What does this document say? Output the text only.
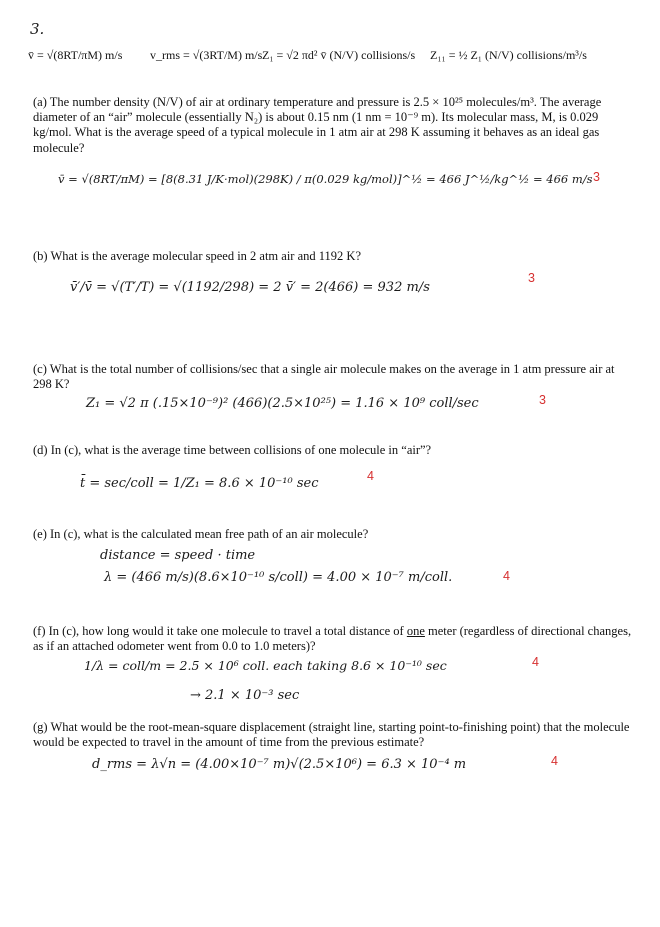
3.
v̄ = √(8RT/πM) m/s v_rms = √(3RT/M) m/s Z₁ = √2 πd² v̄ (N/V) collisions/s Z₁₁ = ½ Z₁ (N/V) collisions/m³/s
(a) The number density (N/V) of air at ordinary temperature and pressure is 2.5 × 10²⁵ molecules/m³. The average diameter of an “air” molecule (essentially N₂) is about 0.15 nm (1 nm = 10⁻⁹ m). Its molecular mass, M, is 0.029 kg/mol. What is the average speed of a typical molecule in 1 atm air at 298 K assuming it behaves as an ideal gas molecule?
v̄ = √(8RT/πM) = [8(8.31 J/K·mol)(298K) / π(0.029 kg/mol)]^½ = 466 J^½/kg^½ = 466 m/s 3
(b) What is the average molecular speed in 2 atm air and 1192 K?
v̄′/v̄ = √(T′/T) = √(1192/298) = 2 v̄′ = 2(466) = 932 m/s
3
(c) What is the total number of collisions/sec that a single air molecule makes on the average in 1 atm pressure air at 298 K?
Z₁ = √2 π (.15×10⁻⁹)² (466)(2.5×10²⁵) = 1.16 × 10⁹ coll/sec	3
(d) In (c), what is the average time between collisions of one molecule in “air”?
t̄ = sec/coll = 1/Z₁ = 8.6 × 10⁻¹⁰ sec	4
(e) In (c), what is the calculated mean free path of an air molecule?
distance = speed · time
λ = (466 m/s)(8.6×10⁻¹⁰ s/coll) = 4.00 × 10⁻⁷ m/coll.	4
(f) In (c), how long would it take one molecule to travel a total distance of one meter (regardless of directional changes, as if an attached odometer went from 0.0 to 1.0 meters)?
1/λ = coll/m = 2.5 × 10⁶ coll. each taking 8.6 × 10⁻¹⁰ sec
→ 2.1 × 10⁻³ sec
4
(g) What would be the root-mean-square displacement (straight line, starting point-to-finishing point) that the molecule would be expected to travel in the amount of time from the previous estimate?
d_rms = λ√n = (4.00×10⁻⁷ m)√(2.5×10⁶) = 6.3 × 10⁻⁴ m	4
